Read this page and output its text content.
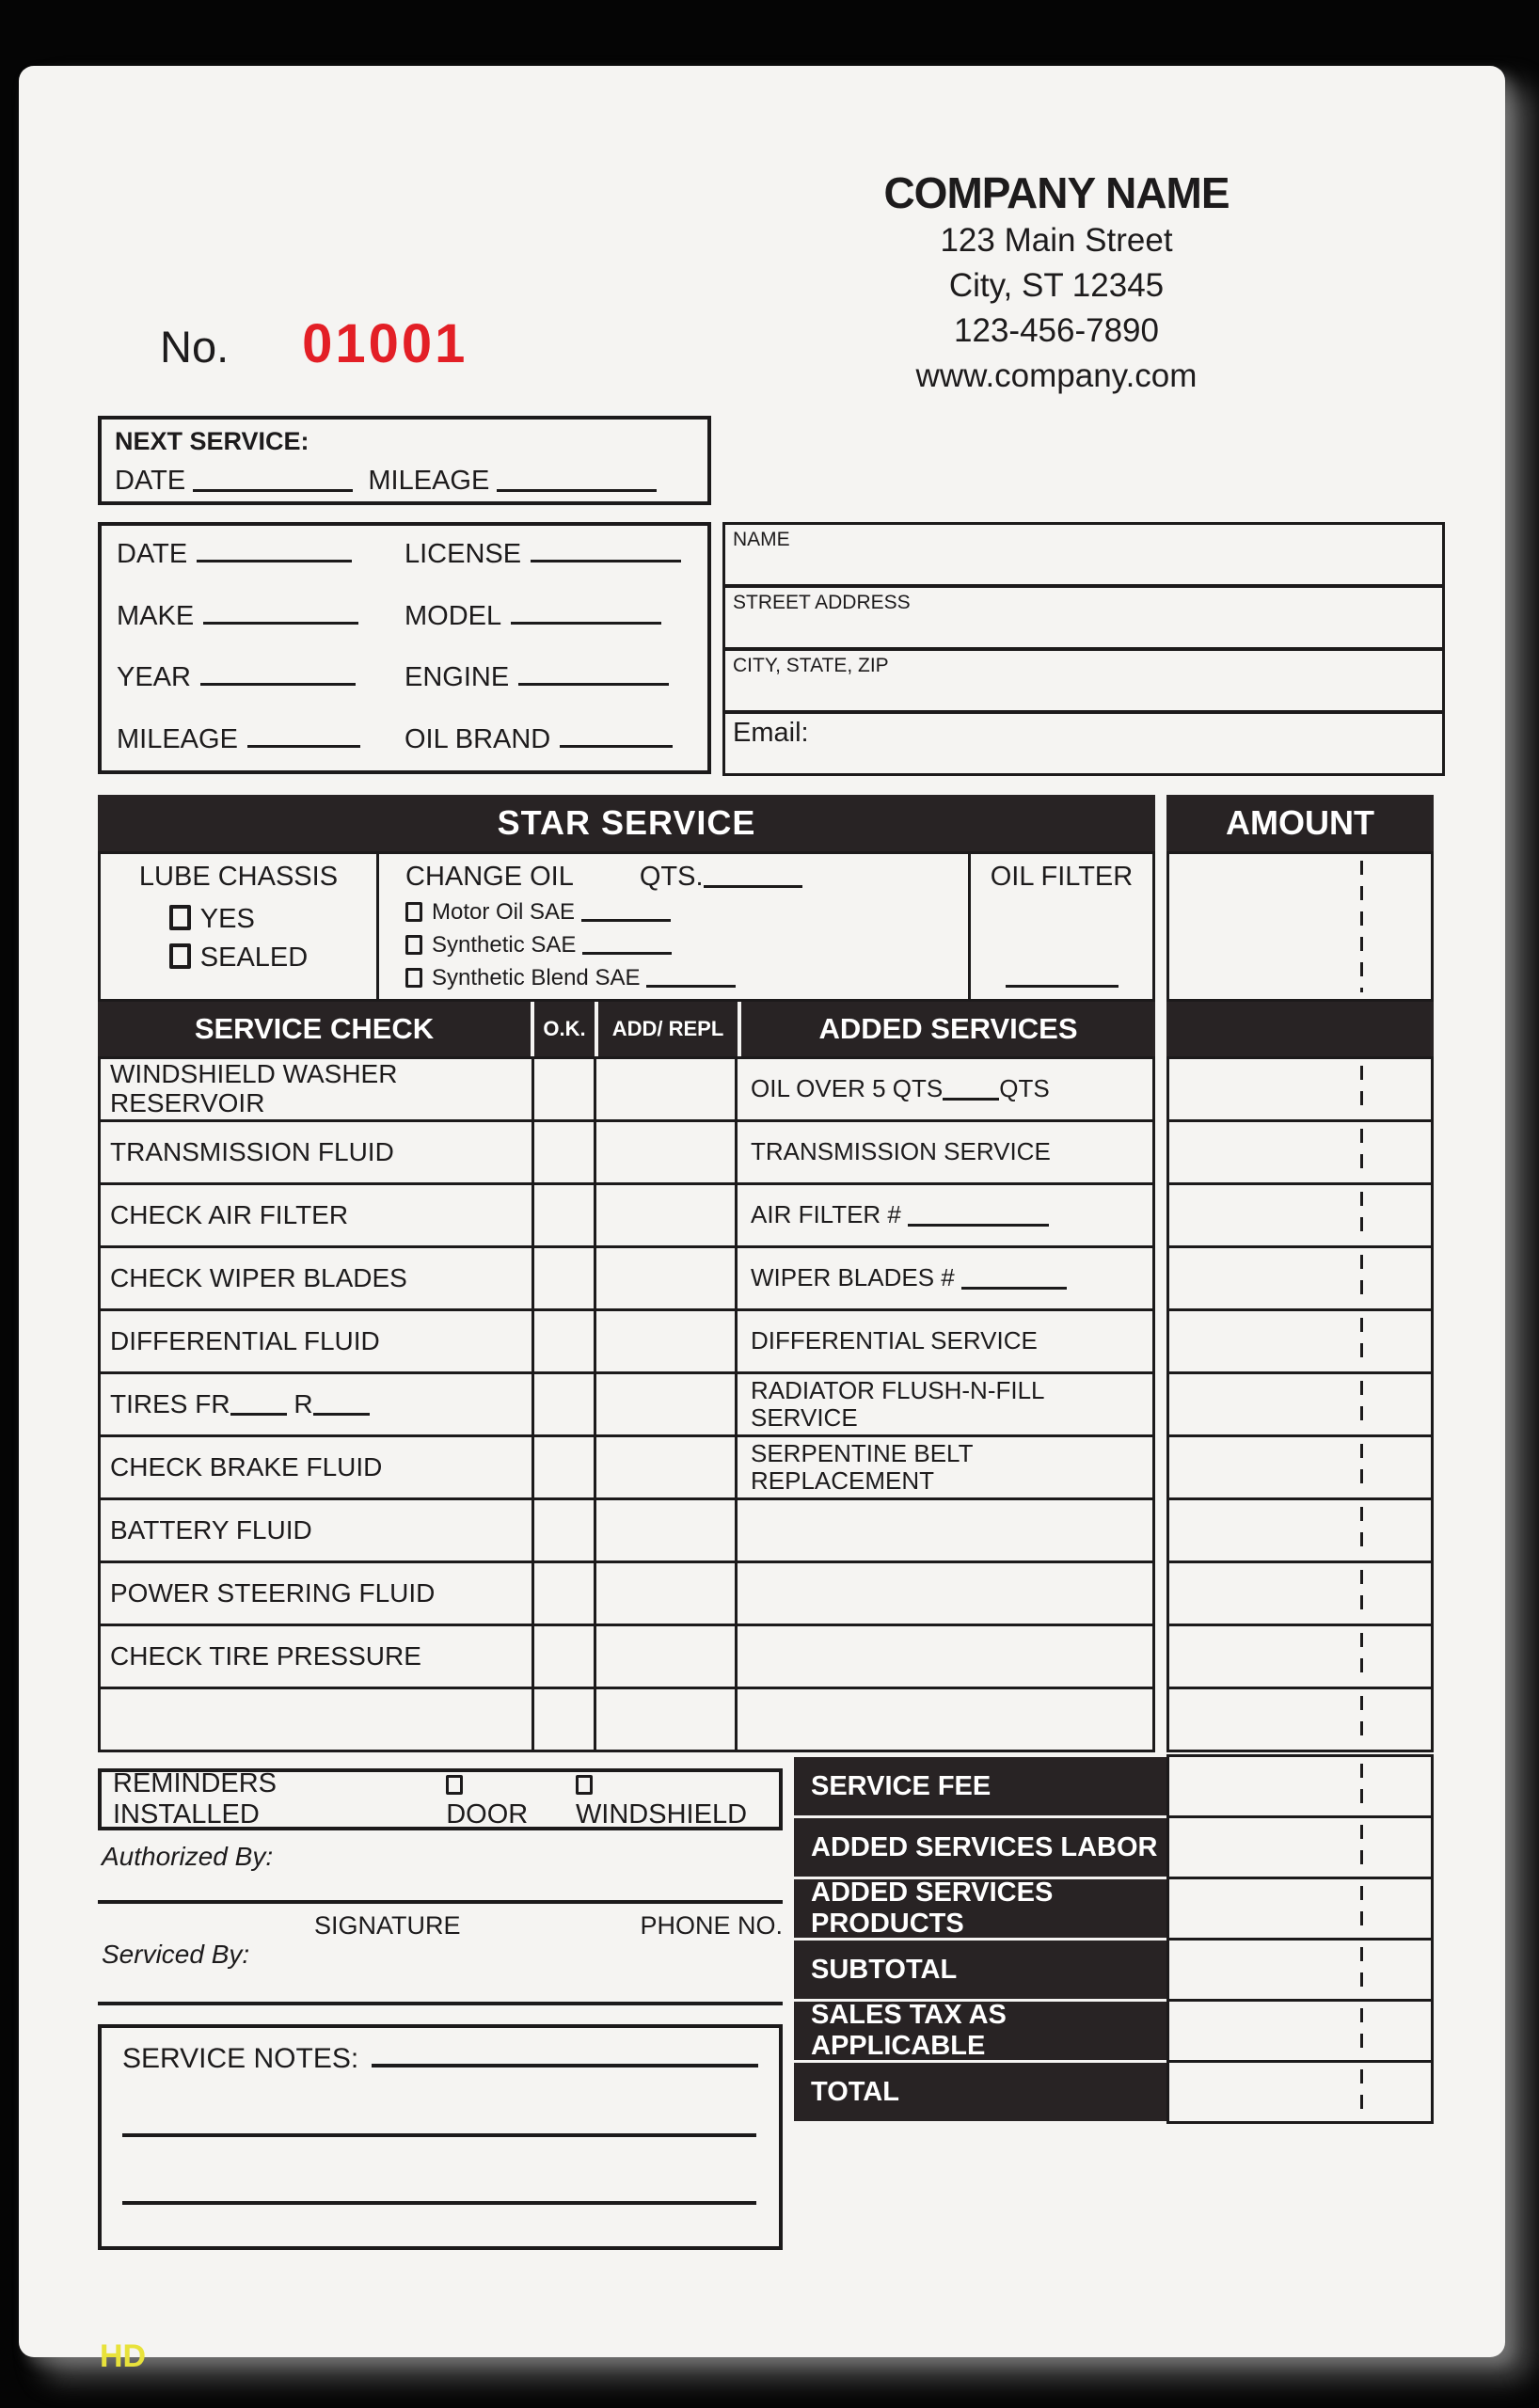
COMPANY NAME
123 Main Street
City, ST 12345
123-456-7890
www.company.com
No. 01001
NEXT SERVICE:
DATE	MILEAGE
DATE	LICENSE
MAKE	MODEL
YEAR	ENGINE
MILEAGE	OIL BRAND
NAME
STREET ADDRESS
CITY, STATE, ZIP
Email:
STAR SERVICE	AMOUNT
LUBE CHASSIS
YES
SEALED
CHANGE OIL QTS.
Motor Oil SAE
Synthetic SAE
Synthetic Blend SAE
OIL FILTER
SERVICE CHECK	O.K.	ADD/ REPL	ADDED SERVICES
WINDSHIELD WASHER RESERVOIR	OIL OVER 5 QTS QTS
TRANSMISSION FLUID	TRANSMISSION SERVICE
CHECK AIR FILTER	AIR FILTER #

CHECK WIPER BLADES	WIPER BLADES #

DIFFERENTIAL FLUID	DIFFERENTIAL SERVICE
TIRES FR R	RADIATOR FLUSH-N-FILL SERVICE
CHECK BRAKE FLUID	SERPENTINE BELT REPLACEMENT
BATTERY FLUID
POWER STEERING FLUID
CHECK TIRE PRESSURE
REMINDERS INSTALLED	DOOR	WINDSHIELD
Authorized By:
SIGNATURE	PHONE NO.
Serviced By:
SERVICE NOTES:
SERVICE FEE
ADDED SERVICES LABOR
ADDED SERVICES PRODUCTS
SUBTOTAL
SALES TAX AS APPLICABLE
TOTAL
HD
